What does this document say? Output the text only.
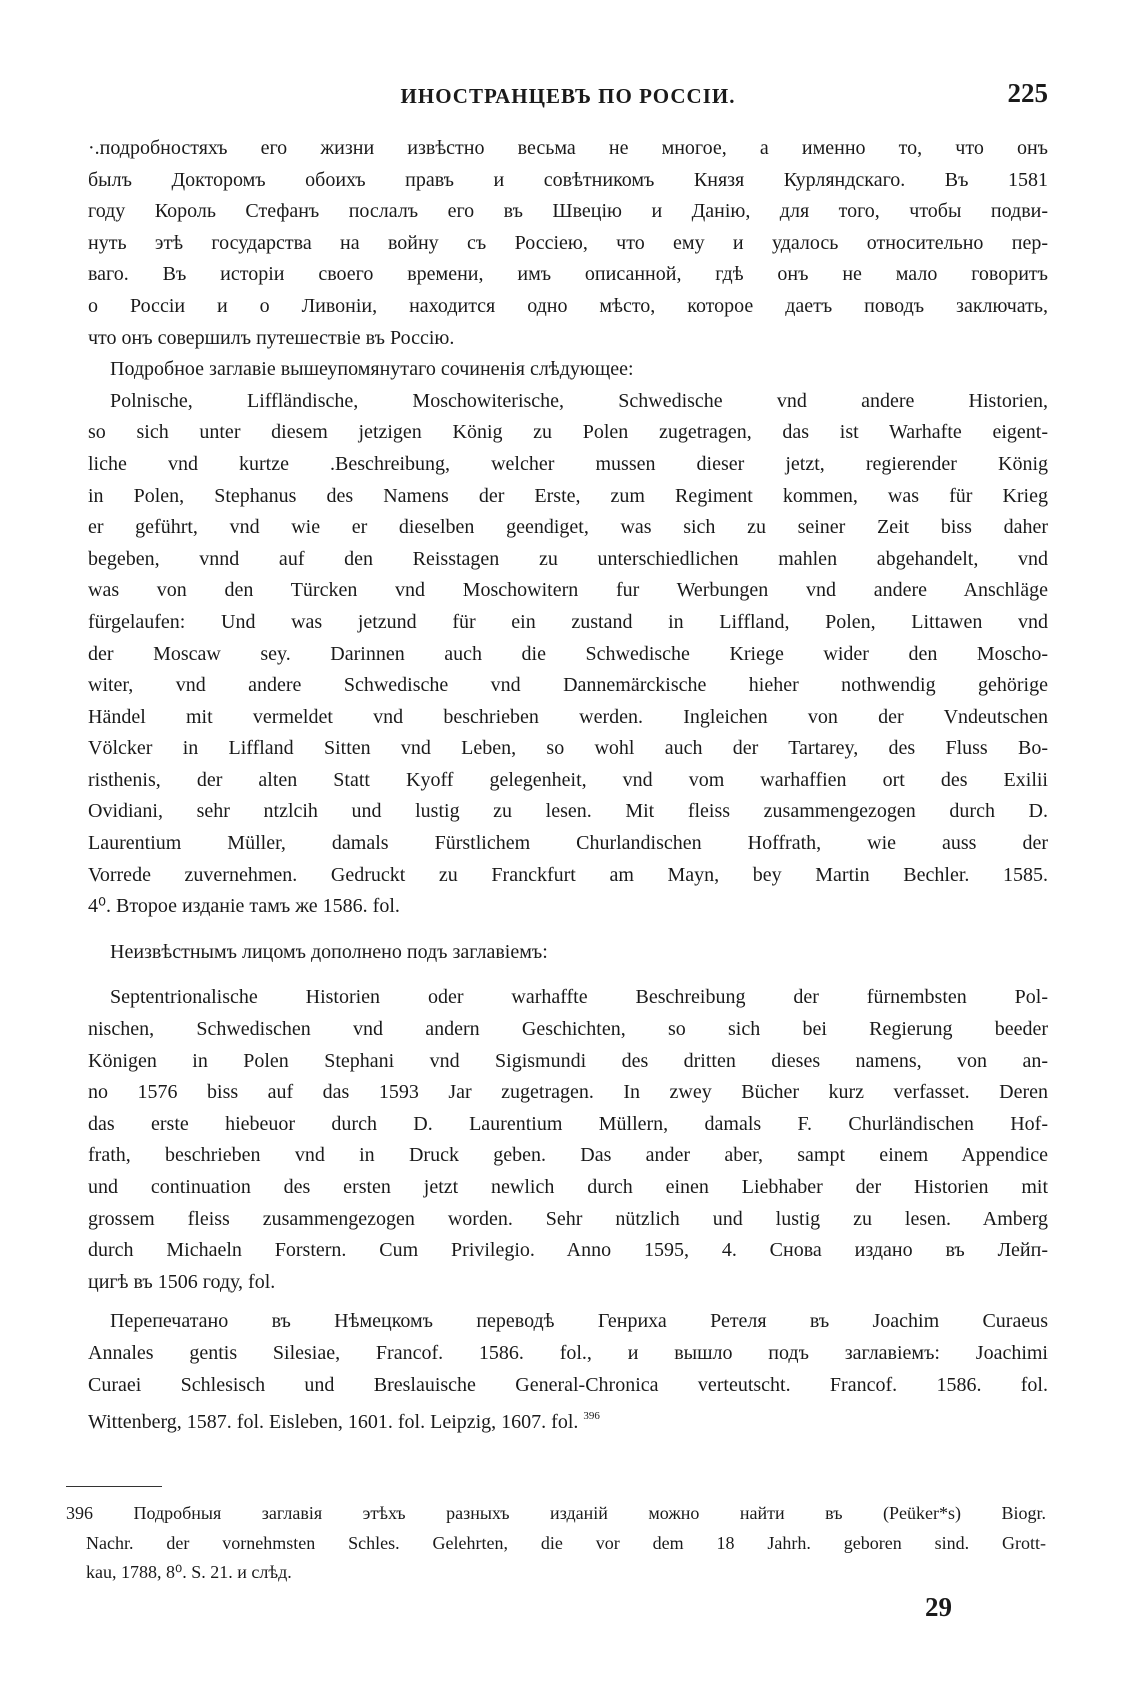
ИНОСТРАНЦЕВЪ ПО РОССІИ.	225
·.подробностяхъ его жизни извѣстно весьма не многое, а именно то, что онъ
былъ Докторомъ обоихъ правъ и совѣтникомъ Князя Курляндскаго. Въ 1581
году Король Стефанъ послалъ его въ Швецію и Данію, для того, чтобы подви-
нуть этѣ государства на войну съ Россіею, что ему и удалось относительно пер-
ваго. Въ исторіи своего времени, имъ описанной, гдѣ онъ не мало говоритъ
о Россіи и о Ливоніи, находится одно мѣсто, которое даетъ поводъ заключать,
что онъ совершилъ путешествіе въ Россію.
Подробное заглавіе вышеупомянутаго сочиненія слѣдующее:
Polnische, Liffländische, Moschowiterische, Schwedische vnd andere Historien,
so sich unter diesem jetzigen König zu Polen zugetragen, das ist Warhafte eigent-
liche vnd kurtze .Beschreibung, welcher mussen dieser jetzt, regierender König
in Polen, Stephanus des Namens der Erste, zum Regiment kommen, was für Krieg
er geführt, vnd wie er dieselben geendiget, was sich zu seiner Zeit biss daher
begeben, vnnd auf den Reisstagen zu unterschiedlichen mahlen abgehandelt, vnd
was von den Türcken vnd Moschowitern fur Werbungen vnd andere Anschläge
fürgelaufen: Und was jetzund für ein zustand in Liffland, Polen, Littawen vnd
der Moscaw sey. Darinnen auch die Schwedische Kriege wider den Moscho-
witer, vnd andere Schwedische vnd Dannemärckische hieher nothwendig gehörige
Händel mit vermeldet vnd beschrieben werden. Ingleichen von der Vndeutschen
Völcker in Liffland Sitten vnd Leben, so wohl auch der Tartarey, des Fluss Bo-
risthenis, der alten Statt Kyoff gelegenheit, vnd vom warhaffien ort des Exilii
Ovidiani, sehr ntzlcih und lustig zu lesen. Mit fleiss zusammengezogen durch D.
Laurentium Müller, damals Fürstlichem Churlandischen Hoffrath, wie auss der
Vorrede zuvernehmen. Gedruckt zu Franckfurt am Mayn, bey Martin Bechler. 1585.
4⁰. Второе изданіе тамъ же 1586. fol.
Неизвѣстнымъ лицомъ дополнено подъ заглавіемъ:
Septentrionalische Historien oder warhaffte Beschreibung der fürnembsten Pol-
nischen, Schwedischen vnd andern Geschichten, so sich bei Regierung beeder
Königen in Polen Stephani vnd Sigismundi des dritten dieses namens, von an-
no 1576 biss auf das 1593 Jar zugetragen. In zwey Bücher kurz verfasset. Deren
das erste hiebeuor durch D. Laurentium Müllern, damals F. Churländischen Hof-
frath, beschrieben vnd in Druck geben. Das ander aber, sampt einem Appendice
und continuation des ersten jetzt newlich durch einen Liebhaber der Historien mit
grossem fleiss zusammengezogen worden. Sehr nützlich und lustig zu lesen. Amberg
durch Michaeln Forstern. Cum Privilegio. Anno 1595, 4. Снова издано въ Лейп-
цигѣ въ 1506 году, fol.
Перепечатано въ Нѣмецкомъ переводѣ Генриха Ретеля въ Joachim Curaeus
Annales gentis Silesiae, Francof. 1586. fol., и вышло подъ заглавіемъ: Joachimi
Curaei Schlesisch und Breslauische General-Chronica verteutscht. Francof. 1586. fol.
Wittenberg, 1587. fol. Eisleben, 1601. fol. Leipzig, 1607. fol. $^{396}$
396 Подробныя заглавія этѣхъ разныхъ изданій можно найти въ (Peüker*s) Biogr.
Nachr. der vornehmsten Schles. Gelehrten, die vor dem 18 Jahrh. geboren sind. Grott-
kau, 1788, 8⁰. S. 21. и слѣд.
29
